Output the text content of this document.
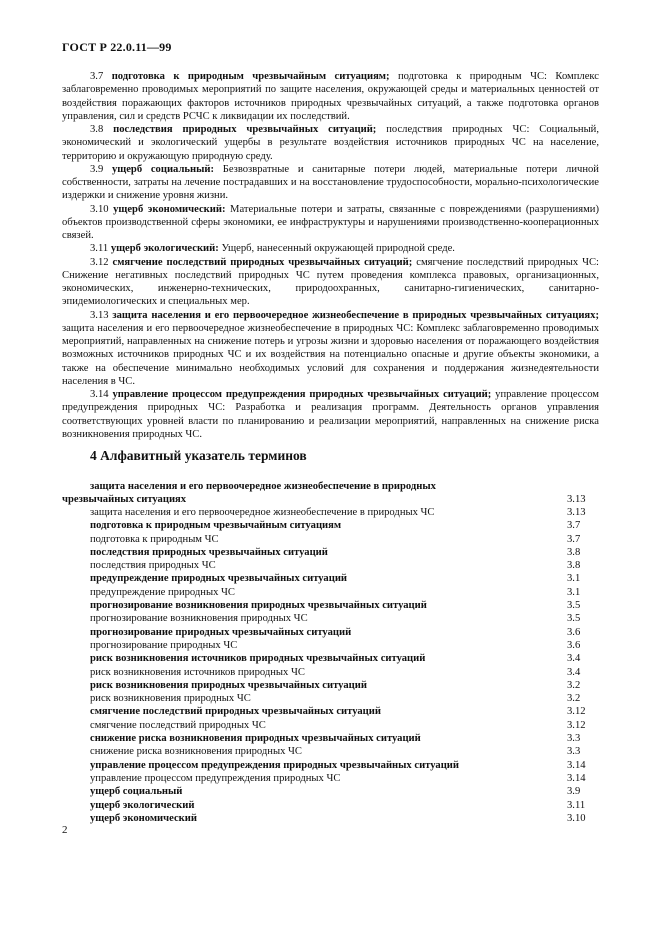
ГОСТ Р 22.0.11—99

3.7 подготовка к природным чрезвычайным ситуациям; подготовка к природным ЧС: Комплекс заблаговременно проводимых мероприятий по защите населения, окружающей среды и материальных ценностей от воздействия поражающих факторов источников природных чрезвычайных ситуаций, а также подготовка органов управления, сил и средств РСЧС к ликвидации их последствий.

3.8 последствия природных чрезвычайных ситуаций; последствия природных ЧС: Социальный, экономический и экологический ущербы в результате воздействия источников природных ЧС на население, территорию и окружающую природную среду.

3.9 ущерб социальный: Безвозвратные и санитарные потери людей, материальные потери личной собственности, затраты на лечение пострадавших и на восстановление трудоспособности, морально-психологические издержки и снижение уровня жизни.

3.10 ущерб экономический: Материальные потери и затраты, связанные с повреждениями (разрушениями) объектов производственной сферы экономики, ее инфраструктуры и нарушениями производственно-кооперационных связей.

3.11 ущерб экологический: Ущерб, нанесенный окружающей природной среде.

3.12 смягчение последствий природных чрезвычайных ситуаций; смягчение последствий природных ЧС: Снижение негативных последствий природных ЧС путем проведения комплекса правовых, организационных, экономических, инженерно-технических, природоохранных, санитарно-гигиенических, санитарно-эпидемиологических и специальных мер.

3.13 защита населения и его первоочередное жизнеобеспечение в природных чрезвычайных ситуациях; защита населения и его первоочередное жизнеобеспечение в природных ЧС: Комплекс заблаговременно проводимых мероприятий, направленных на снижение потерь и угрозы жизни и здоровью населения от поражающего воздействия возможных источников природных ЧС и их воздействия на потенциально опасные и другие объекты экономики, а также на обеспечение минимально необходимых условий для сохранения и поддержания жизнедеятельности населения в ЧС.

3.14 управление процессом предупреждения природных чрезвычайных ситуаций; управление процессом предупреждения природных ЧС: Разработка и реализация программ. Деятельность органов управления соответствующих уровней власти по планированию и реализации мероприятий, направленных на снижение риска возникновения природных ЧС.

4 Алфавитный указатель терминов
защита населения и его первоочередное жизнеобеспечение в природных чрезвычайных ситуациях	3.13
защита населения и его первоочередное жизнеобеспечение в природных ЧС	3.13
подготовка к природным чрезвычайным ситуациям	3.7
подготовка к природным ЧС	3.7
последствия природных чрезвычайных ситуаций	3.8
последствия природных ЧС	3.8
предупреждение природных чрезвычайных ситуаций	3.1
предупреждение природных ЧС	3.1
прогнозирование возникновения природных чрезвычайных ситуаций	3.5
прогнозирование возникновения природных ЧС	3.5
прогнозирование природных чрезвычайных ситуаций	3.6
прогнозирование природных ЧС	3.6
риск возникновения источников природных чрезвычайных ситуаций	3.4
риск возникновения источников природных ЧС	3.4
риск возникновения природных чрезвычайных ситуаций	3.2
риск возникновения природных ЧС	3.2
смягчение последствий природных чрезвычайных ситуаций	3.12
смягчение последствий природных ЧС	3.12
снижение риска возникновения природных чрезвычайных ситуаций	3.3
снижение риска возникновения природных ЧС	3.3
управление процессом предупреждения природных чрезвычайных ситуаций	3.14
управление процессом предупреждения природных ЧС	3.14
ущерб социальный	3.9
ущерб экологический	3.11
ущерб экономический	3.10
2
